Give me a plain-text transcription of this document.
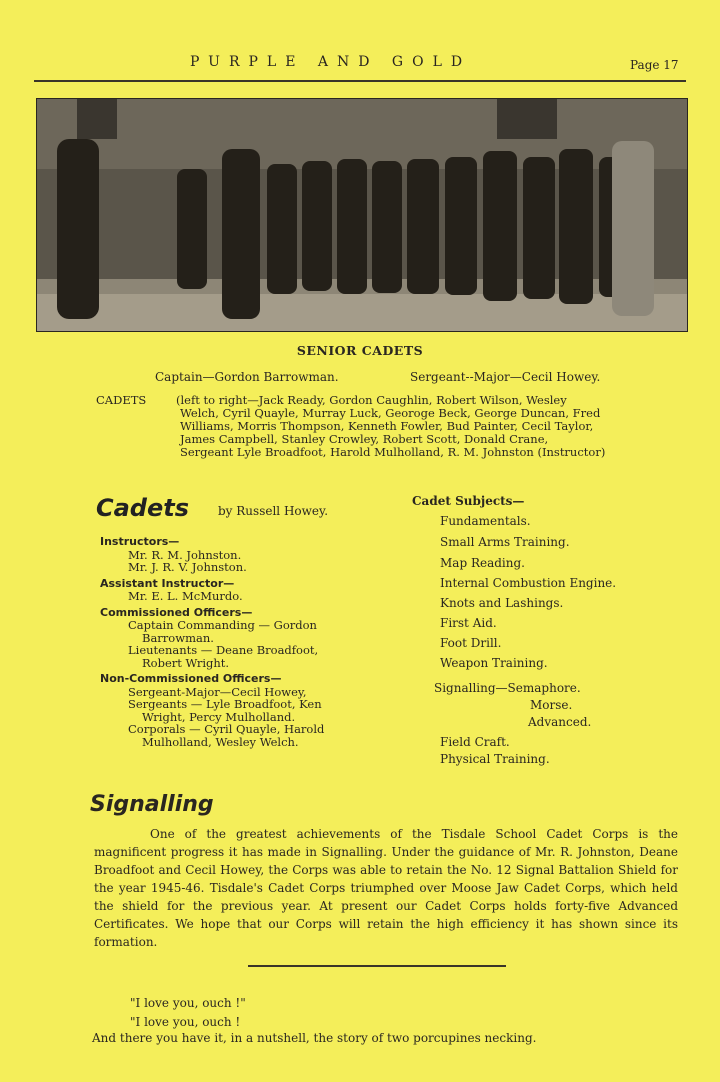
PURPLE AND GOLD	Page 17
SENIOR CADETS
Captain—Gordon Barrowman.	Sergeant--Major—Cecil Howey.

CADETS	(left to right—Jack Ready, Gordon Caughlin, Robert Wilson, Wesley

Welch, Cyril Quayle, Murray Luck, Georoge Beck, George Duncan, Fred

Williams, Morris Thompson, Kenneth Fowler, Bud Painter, Cecil Taylor,

James Campbell, Stanley Crowley, Robert Scott, Donald Crane,

Sergeant Lyle Broadfoot, Harold Mulholland, R. M. Johnston (Instructor)

Cadets by Russell Howey.
Instructors—
Mr. R. M. Johnston.
Mr. J. R. V. Johnston.
Assistant Instructor—
Mr. E. L. McMurdo.
Commissioned Officers—
Captain Commanding — Gordon
Barrowman.
Lieutenants — Deane Broadfoot,
Robert Wright.
Non-Commissioned Officers—
Sergeant-Major—Cecil Howey,
Sergeants — Lyle Broadfoot, Ken
Wright, Percy Mulholland.
Corporals — Cyril Quayle, Harold
Mulholland, Wesley Welch.
Cadet Subjects—
Fundamentals.
Small Arms Training.
Map Reading.
Internal Combustion Engine.
Knots and Lashings.
First Aid.
Foot Drill.
Weapon Training.
Signalling—Semaphore.
Morse.
Advanced.
Field Craft.
Physical Training.
Signalling
One of the greatest achievements of the Tisdale School Cadet Corps is the magnificent progress it has made in Signalling. Under the guidance of Mr. R. Johnston, Deane Broadfoot and Cecil Howey, the Corps was able to retain the No. 12 Signal Battalion Shield for the year 1945-46. Tisdale's Cadet Corps triumphed over Moose Jaw Cadet Corps, which held the shield for the previous year. At present our Cadet Corps holds forty-five Advanced Certificates. We hope that our Corps will retain the high efficiency it has shown since its formation.
"I love you, ouch !"
"I love you, ouch !
And there you have it, in a nutshell, the story of two porcupines necking.
